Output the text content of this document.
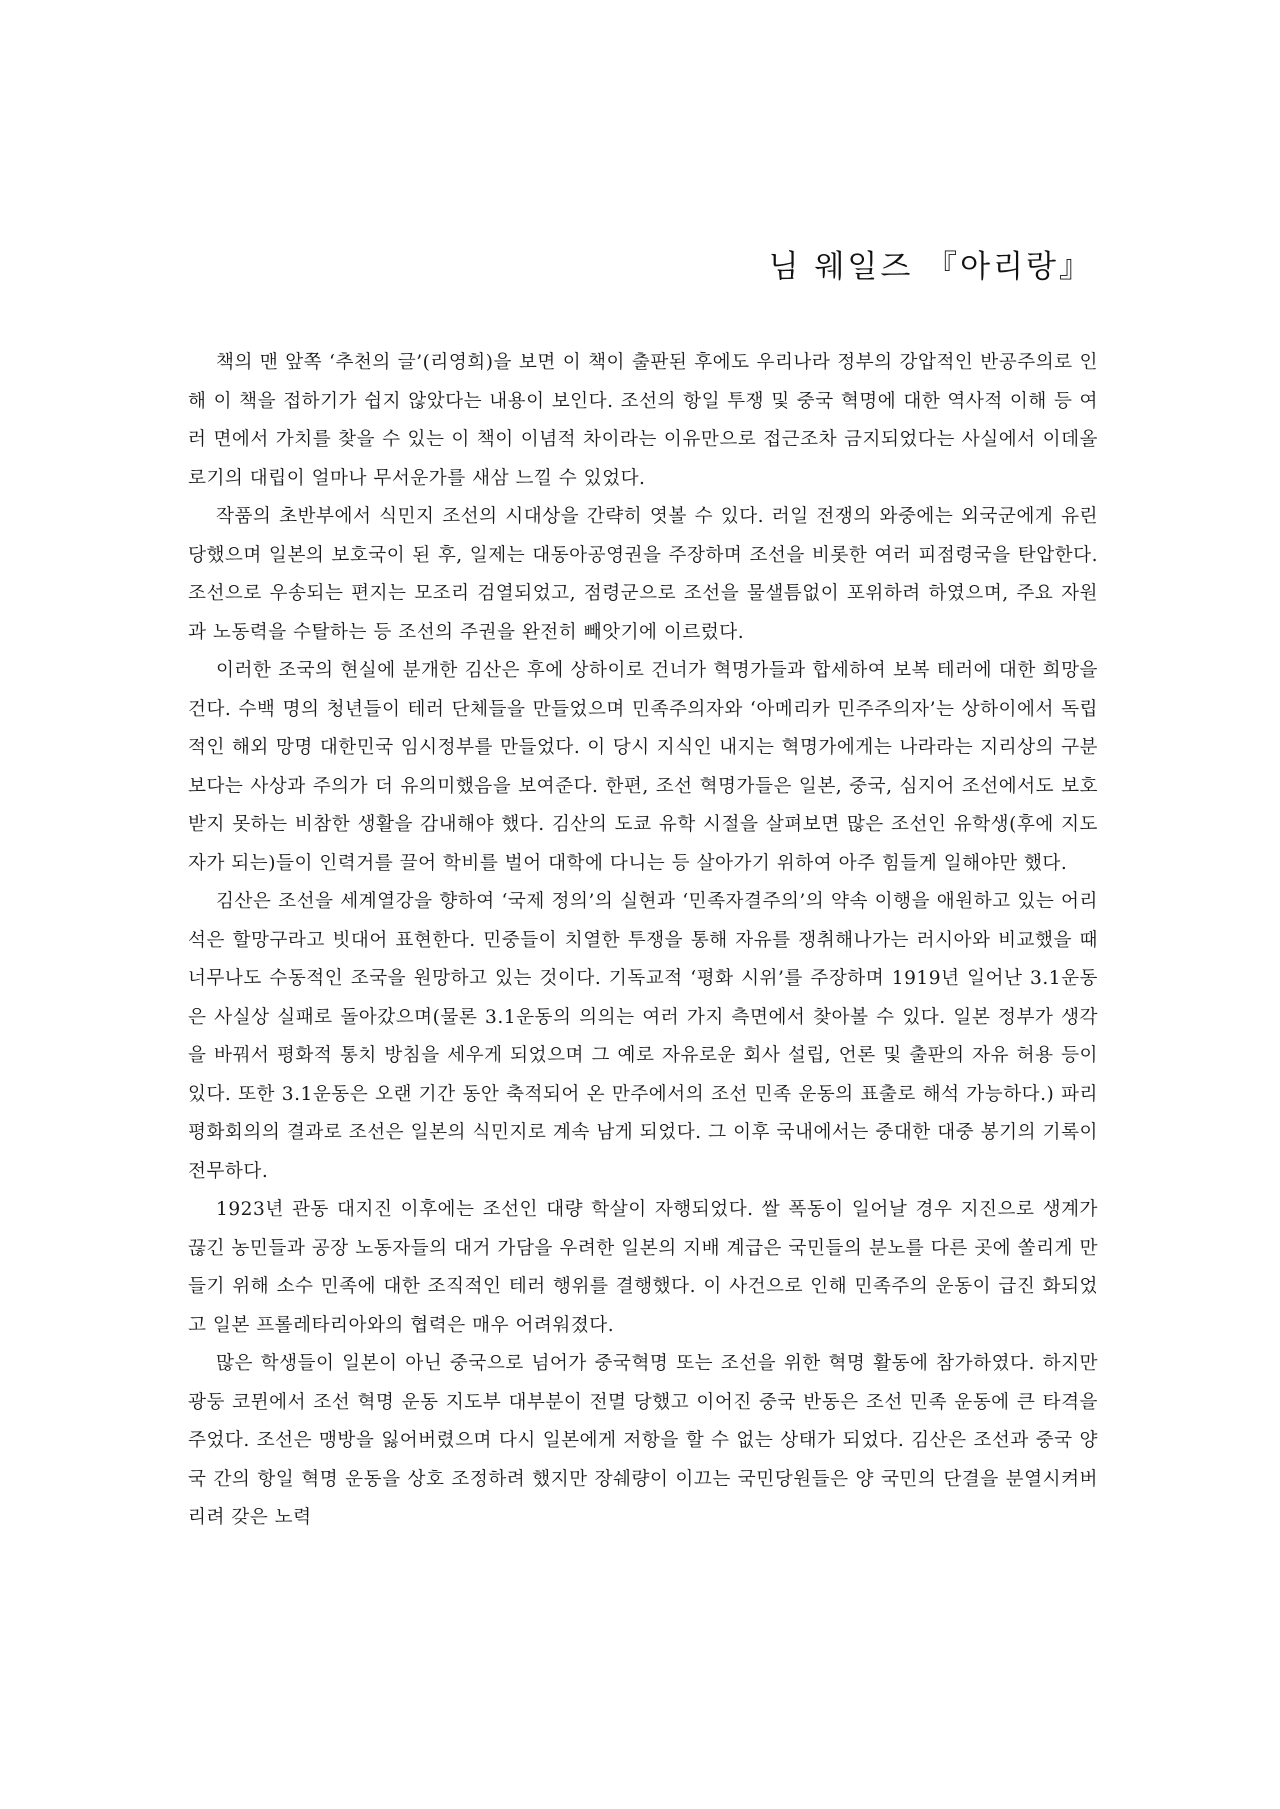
님 웨일즈 『아리랑』

책의 맨 앞쪽 ‘추천의 글’(리영희)을 보면 이 책이 출판된 후에도 우리나라 정부의 강압적인 반공주의로 인해 이 책을 접하기가 쉽지 않았다는 내용이 보인다. 조선의 항일 투쟁 및 중국 혁명에 대한 역사적 이해 등 여러 면에서 가치를 찾을 수 있는 이 책이 이념적 차이라는 이유만으로 접근조차 금지되었다는 사실에서 이데올로기의 대립이 얼마나 무서운가를 새삼 느낄 수 있었다.

작품의 초반부에서 식민지 조선의 시대상을 간략히 엿볼 수 있다. 러일 전쟁의 와중에는 외국군에게 유린당했으며 일본의 보호국이 된 후, 일제는 대동아공영권을 주장하며 조선을 비롯한 여러 피점령국을 탄압한다. 조선으로 우송되는 편지는 모조리 검열되었고, 점령군으로 조선을 물샐틈없이 포위하려 하였으며, 주요 자원과 노동력을 수탈하는 등 조선의 주권을 완전히 빼앗기에 이르렀다.

이러한 조국의 현실에 분개한 김산은 후에 상하이로 건너가 혁명가들과 합세하여 보복 테러에 대한 희망을 건다. 수백 명의 청년들이 테러 단체들을 만들었으며 민족주의자와 ‘아메리카 민주주의자’는 상하이에서 독립적인 해외 망명 대한민국 임시정부를 만들었다. 이 당시 지식인 내지는 혁명가에게는 나라라는 지리상의 구분보다는 사상과 주의가 더 유의미했음을 보여준다. 한편, 조선 혁명가들은 일본, 중국, 심지어 조선에서도 보호 받지 못하는 비참한 생활을 감내해야 했다. 김산의 도쿄 유학 시절을 살펴보면 많은 조선인 유학생(후에 지도자가 되는)들이 인력거를 끌어 학비를 벌어 대학에 다니는 등 살아가기 위하여 아주 힘들게 일해야만 했다.

김산은 조선을 세계열강을 향하여 ‘국제 정의’의 실현과 ‘민족자결주의’의 약속 이행을 애원하고 있는 어리석은 할망구라고 빗대어 표현한다. 민중들이 치열한 투쟁을 통해 자유를 쟁취해나가는 러시아와 비교했을 때 너무나도 수동적인 조국을 원망하고 있는 것이다. 기독교적 ‘평화 시위’를 주장하며 1919년 일어난 3.1운동은 사실상 실패로 돌아갔으며(물론 3.1운동의 의의는 여러 가지 측면에서 찾아볼 수 있다. 일본 정부가 생각을 바꿔서 평화적 통치 방침을 세우게 되었으며 그 예로 자유로운 회사 설립, 언론 및 출판의 자유 허용 등이 있다. 또한 3.1운동은 오랜 기간 동안 축적되어 온 만주에서의 조선 민족 운동의 표출로 해석 가능하다.) 파리평화회의의 결과로 조선은 일본의 식민지로 계속 남게 되었다. 그 이후 국내에서는 중대한 대중 봉기의 기록이 전무하다.

1923년 관동 대지진 이후에는 조선인 대량 학살이 자행되었다. 쌀 폭동이 일어날 경우 지진으로 생계가 끊긴 농민들과 공장 노동자들의 대거 가담을 우려한 일본의 지배 계급은 국민들의 분노를 다른 곳에 쏠리게 만들기 위해 소수 민족에 대한 조직적인 테러 행위를 결행했다. 이 사건으로 인해 민족주의 운동이 급진 화되었고 일본 프롤레타리아와의 협력은 매우 어려워졌다.

많은 학생들이 일본이 아닌 중국으로 넘어가 중국혁명 또는 조선을 위한 혁명 활동에 참가하였다. 하지만 광둥 코뮌에서 조선 혁명 운동 지도부 대부분이 전멸 당했고 이어진 중국 반동은 조선 민족 운동에 큰 타격을 주었다. 조선은 맹방을 잃어버렸으며 다시 일본에게 저항을 할 수 없는 상태가 되었다. 김산은 조선과 중국 양국 간의 항일 혁명 운동을 상호 조정하려 했지만 장쉐량이 이끄는 국민당원들은 양 국민의 단결을 분열시켜버리려 갖은 노력
